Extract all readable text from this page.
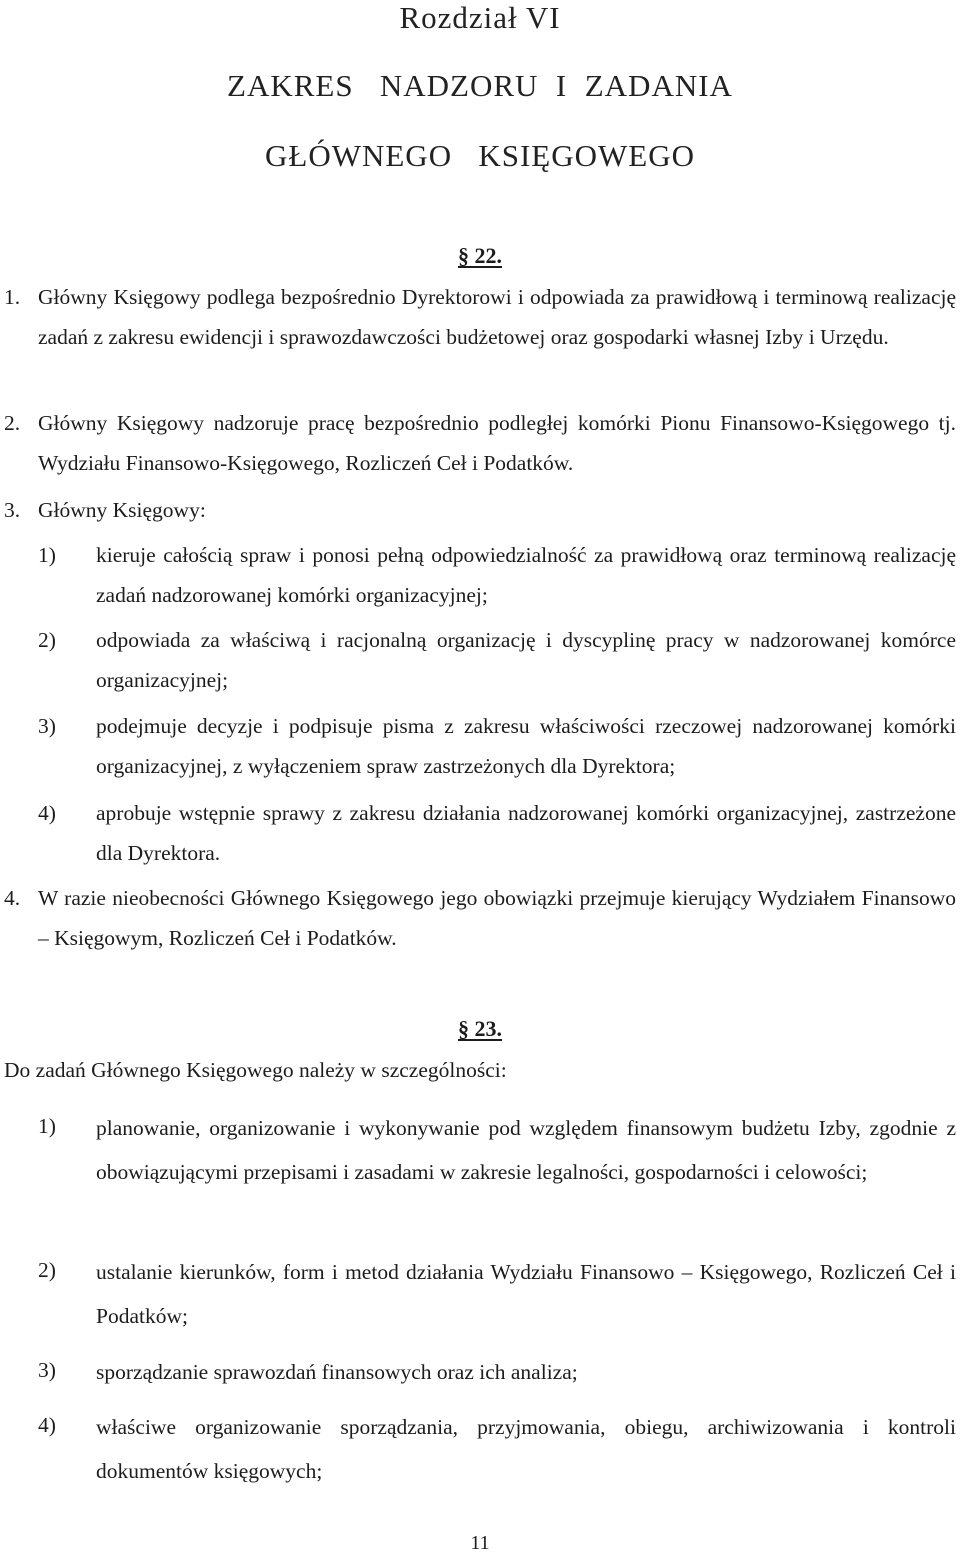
Rozdział VI
ZAKRES   NADZORU  I  ZADANIA
GŁÓWNEGO   KSIĘGOWEGO
§ 22.
1. Główny Księgowy podlega bezpośrednio Dyrektorowi i odpowiada za prawidłową i terminową realizację zadań z zakresu ewidencji i sprawozdawczości budżetowej oraz gospodarki własnej Izby i Urzędu.

2. Główny Księgowy nadzoruje pracę bezpośrednio podległej komórki Pionu Finansowo-Księgowego tj. Wydziału Finansowo-Księgowego, Rozliczeń Ceł i Podatków.

3. Główny Księgowy:

1) kieruje całością spraw i ponosi pełną odpowiedzialność za prawidłową oraz terminową realizację zadań nadzorowanej komórki organizacyjnej;

2) odpowiada za właściwą i racjonalną organizację i dyscyplinę pracy w nadzorowanej komórce organizacyjnej;

3) podejmuje decyzje i podpisuje pisma z zakresu właściwości rzeczowej nadzorowanej komórki organizacyjnej, z wyłączeniem spraw zastrzeżonych dla Dyrektora;

4) aprobuje wstępnie sprawy z zakresu działania nadzorowanej komórki organizacyjnej, zastrzeżone dla Dyrektora.

4. W razie nieobecności Głównego Księgowego jego obowiązki przejmuje kierujący Wydziałem Finansowo – Księgowym, Rozliczeń Ceł i Podatków.

§ 23.

Do zadań Głównego Księgowego należy w szczególności:

1) planowanie, organizowanie i wykonywanie pod względem finansowym budżetu Izby, zgodnie z obowiązującymi przepisami i zasadami w zakresie legalności, gospodarności i celowości;

2) ustalanie kierunków, form i metod działania Wydziału Finansowo – Księgowego, Rozliczeń Ceł i Podatków;

3) sporządzanie sprawozdań finansowych oraz ich analiza;

4) właściwe organizowanie sporządzania, przyjmowania, obiegu, archiwizowania i kontroli dokumentów księgowych;

11
